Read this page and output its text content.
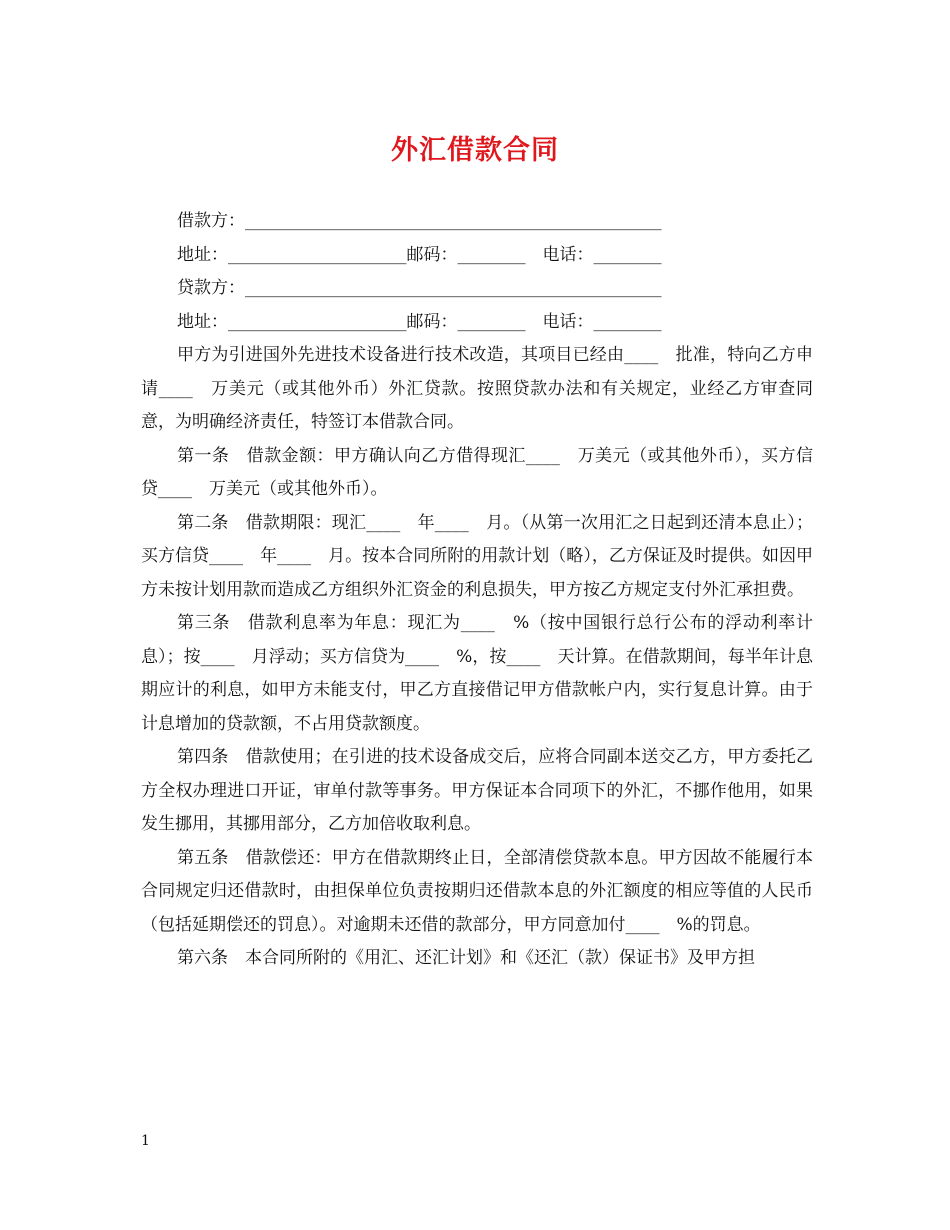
外汇借款合同
借款方：_________________________________________________
地址：_____________________邮码：________　电话：________
贷款方：_________________________________________________
地址：_____________________邮码：________　电话：________
甲方为引进国外先进技术设备进行技术改造，其项目已经由____　批准，特向乙方申请____　万美元（或其他外币）外汇贷款。按照贷款办法和有关规定，业经乙方审查同意，为明确经济责任，特签订本借款合同。
第一条　借款金额：甲方确认向乙方借得现汇____　万美元（或其他外币），买方信贷____　万美元（或其他外币）。
第二条　借款期限：现汇____　年____　月。（从第一次用汇之日起到还清本息止）；买方信贷____　年____　月。按本合同所附的用款计划（略），乙方保证及时提供。如因甲方未按计划用款而造成乙方组织外汇资金的利息损失，甲方按乙方规定支付外汇承担费。
第三条　借款利息率为年息：现汇为____　%（按中国银行总行公布的浮动利率计息）；按____　月浮动；买方信贷为____　%，按____　天计算。在借款期间，每半年计息期应计的利息，如甲方未能支付，甲乙方直接借记甲方借款帐户内，实行复息计算。由于计息增加的贷款额，不占用贷款额度。
第四条　借款使用；在引进的技术设备成交后，应将合同副本送交乙方，甲方委托乙方全权办理进口开证，审单付款等事务。甲方保证本合同项下的外汇，不挪作他用，如果发生挪用，其挪用部分，乙方加倍收取利息。
第五条　借款偿还：甲方在借款期终止日，全部清偿贷款本息。甲方因故不能履行本合同规定归还借款时，由担保单位负责按期归还借款本息的外汇额度的相应等值的人民币（包括延期偿还的罚息）。对逾期未还借的款部分，甲方同意加付____　%的罚息。
第六条　本合同所附的《用汇、还汇计划》和《还汇（款）保证书》及甲方担
1
